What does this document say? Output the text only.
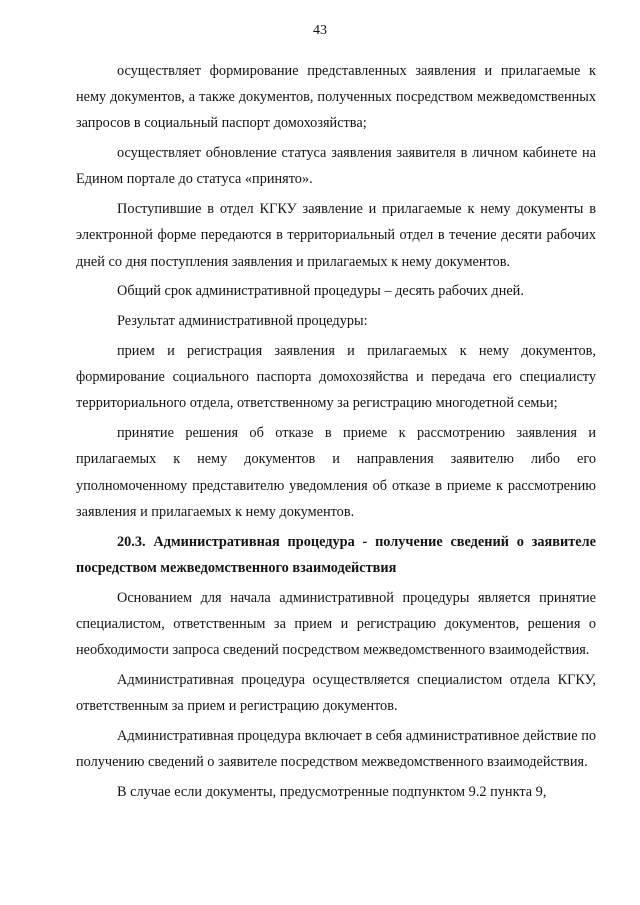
43

осуществляет формирование представленных заявления и прилагаемые к нему документов, а также документов, полученных посредством межведомственных запросов в социальный паспорт домохозяйства;

осуществляет обновление статуса заявления заявителя в личном кабинете на Едином портале до статуса «принято».

Поступившие в отдел КГКУ заявление и прилагаемые к нему документы в электронной форме передаются в территориальный отдел в течение десяти рабочих дней со дня поступления заявления и прилагаемых к нему документов.

Общий срок административной процедуры – десять рабочих дней.

Результат административной процедуры:

прием и регистрация заявления и прилагаемых к нему документов, формирование социального паспорта домохозяйства и передача его специалисту территориального отдела, ответственному за регистрацию многодетной семьи;

принятие решения об отказе в приеме к рассмотрению заявления и прилагаемых к нему документов и направления заявителю либо его уполномоченному представителю уведомления об отказе в приеме к рассмотрению заявления и прилагаемых к нему документов.

20.3. Административная процедура - получение сведений о заявителе посредством межведомственного взаимодействия

Основанием для начала административной процедуры является принятие специалистом, ответственным за прием и регистрацию документов, решения о необходимости запроса сведений посредством межведомственного взаимодействия.

Административная процедура осуществляется специалистом отдела КГКУ, ответственным за прием и регистрацию документов.

Административная процедура включает в себя административное действие по получению сведений о заявителе посредством межведомственного взаимодействия.

В случае если документы, предусмотренные подпунктом 9.2 пункта 9,
